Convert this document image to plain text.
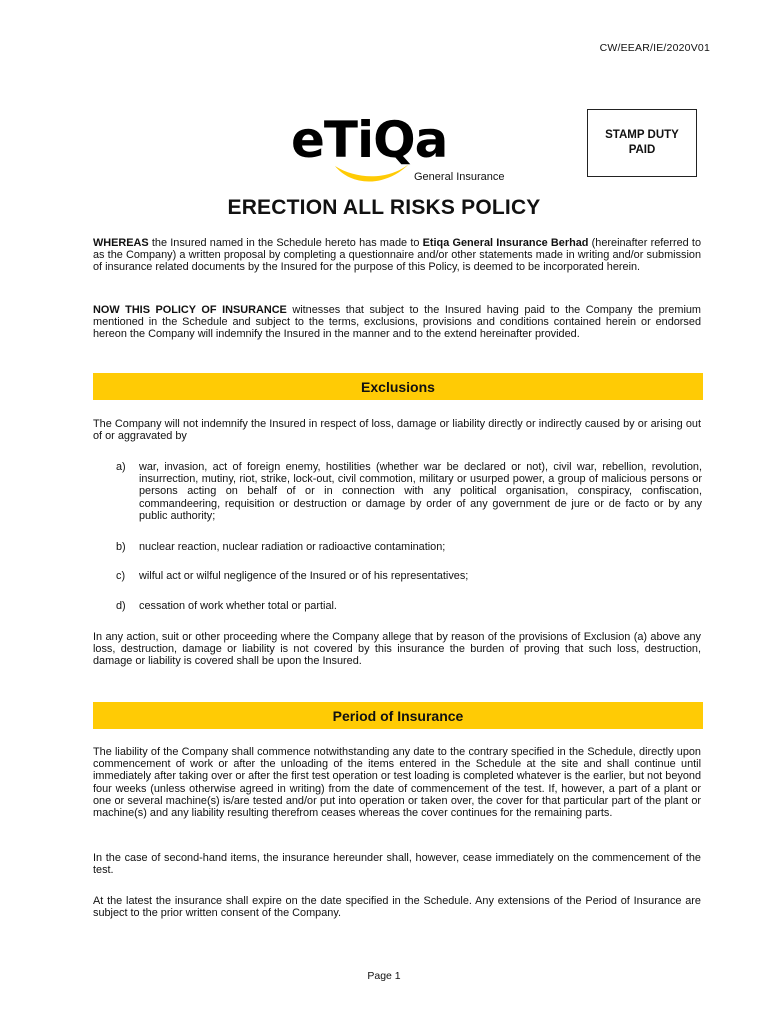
CW/EEAR/IE/2020V01
eTiQa
General Insurance
STAMP DUTY
PAID
ERECTION ALL RISKS POLICY

WHEREAS the Insured named in the Schedule hereto has made to Etiqa General Insurance Berhad (hereinafter referred to as the Company) a written proposal by completing a questionnaire and/or other statements made in writing and/or submission of insurance related documents by the Insured for the purpose of this Policy, is deemed to be incorporated herein.

NOW THIS POLICY OF INSURANCE witnesses that subject to the Insured having paid to the Company the premium mentioned in the Schedule and subject to the terms, exclusions, provisions and conditions contained herein or endorsed hereon the Company will indemnify the Insured in the manner and to the extend hereinafter provided.

Exclusions

The Company will not indemnify the Insured in respect of loss, damage or liability directly or indirectly caused by or arising out of or aggravated by

a)	war, invasion, act of foreign enemy, hostilities (whether war be declared or not), civil war, rebellion, revolution, insurrection, mutiny, riot, strike, lock-out, civil commotion, military or usurped power, a group of malicious persons or persons acting on behalf of or in connection with any political organisation, conspiracy, confiscation, commandeering, requisition or destruction or damage by order of any government de jure or de facto or by any public authority;
b)	nuclear reaction, nuclear radiation or radioactive contamination;
c)	wilful act or wilful negligence of the Insured or of his representatives;
d)	cessation of work whether total or partial.

In any action, suit or other proceeding where the Company allege that by reason of the provisions of Exclusion (a) above any loss, destruction, damage or liability is not covered by this insurance the burden of proving that such loss, destruction, damage or liability is covered shall be upon the Insured.

Period of Insurance

The liability of the Company shall commence notwithstanding any date to the contrary specified in the Schedule, directly upon commencement of work or after the unloading of the items entered in the Schedule at the site and shall continue until immediately after taking over or after the first test operation or test loading is completed whatever is the earlier, but not beyond four weeks (unless otherwise agreed in writing) from the date of commencement of the test. If, however, a part of a plant or one or several machine(s) is/are tested and/or put into operation or taken over, the cover for that particular part of the plant or machine(s) and any liability resulting therefrom ceases whereas the cover continues for the remaining parts.

In the case of second-hand items, the insurance hereunder shall, however, cease immediately on the commencement of the test.

At the latest the insurance shall expire on the date specified in the Schedule. Any extensions of the Period of Insurance are subject to the prior written consent of the Company.

Page 1
